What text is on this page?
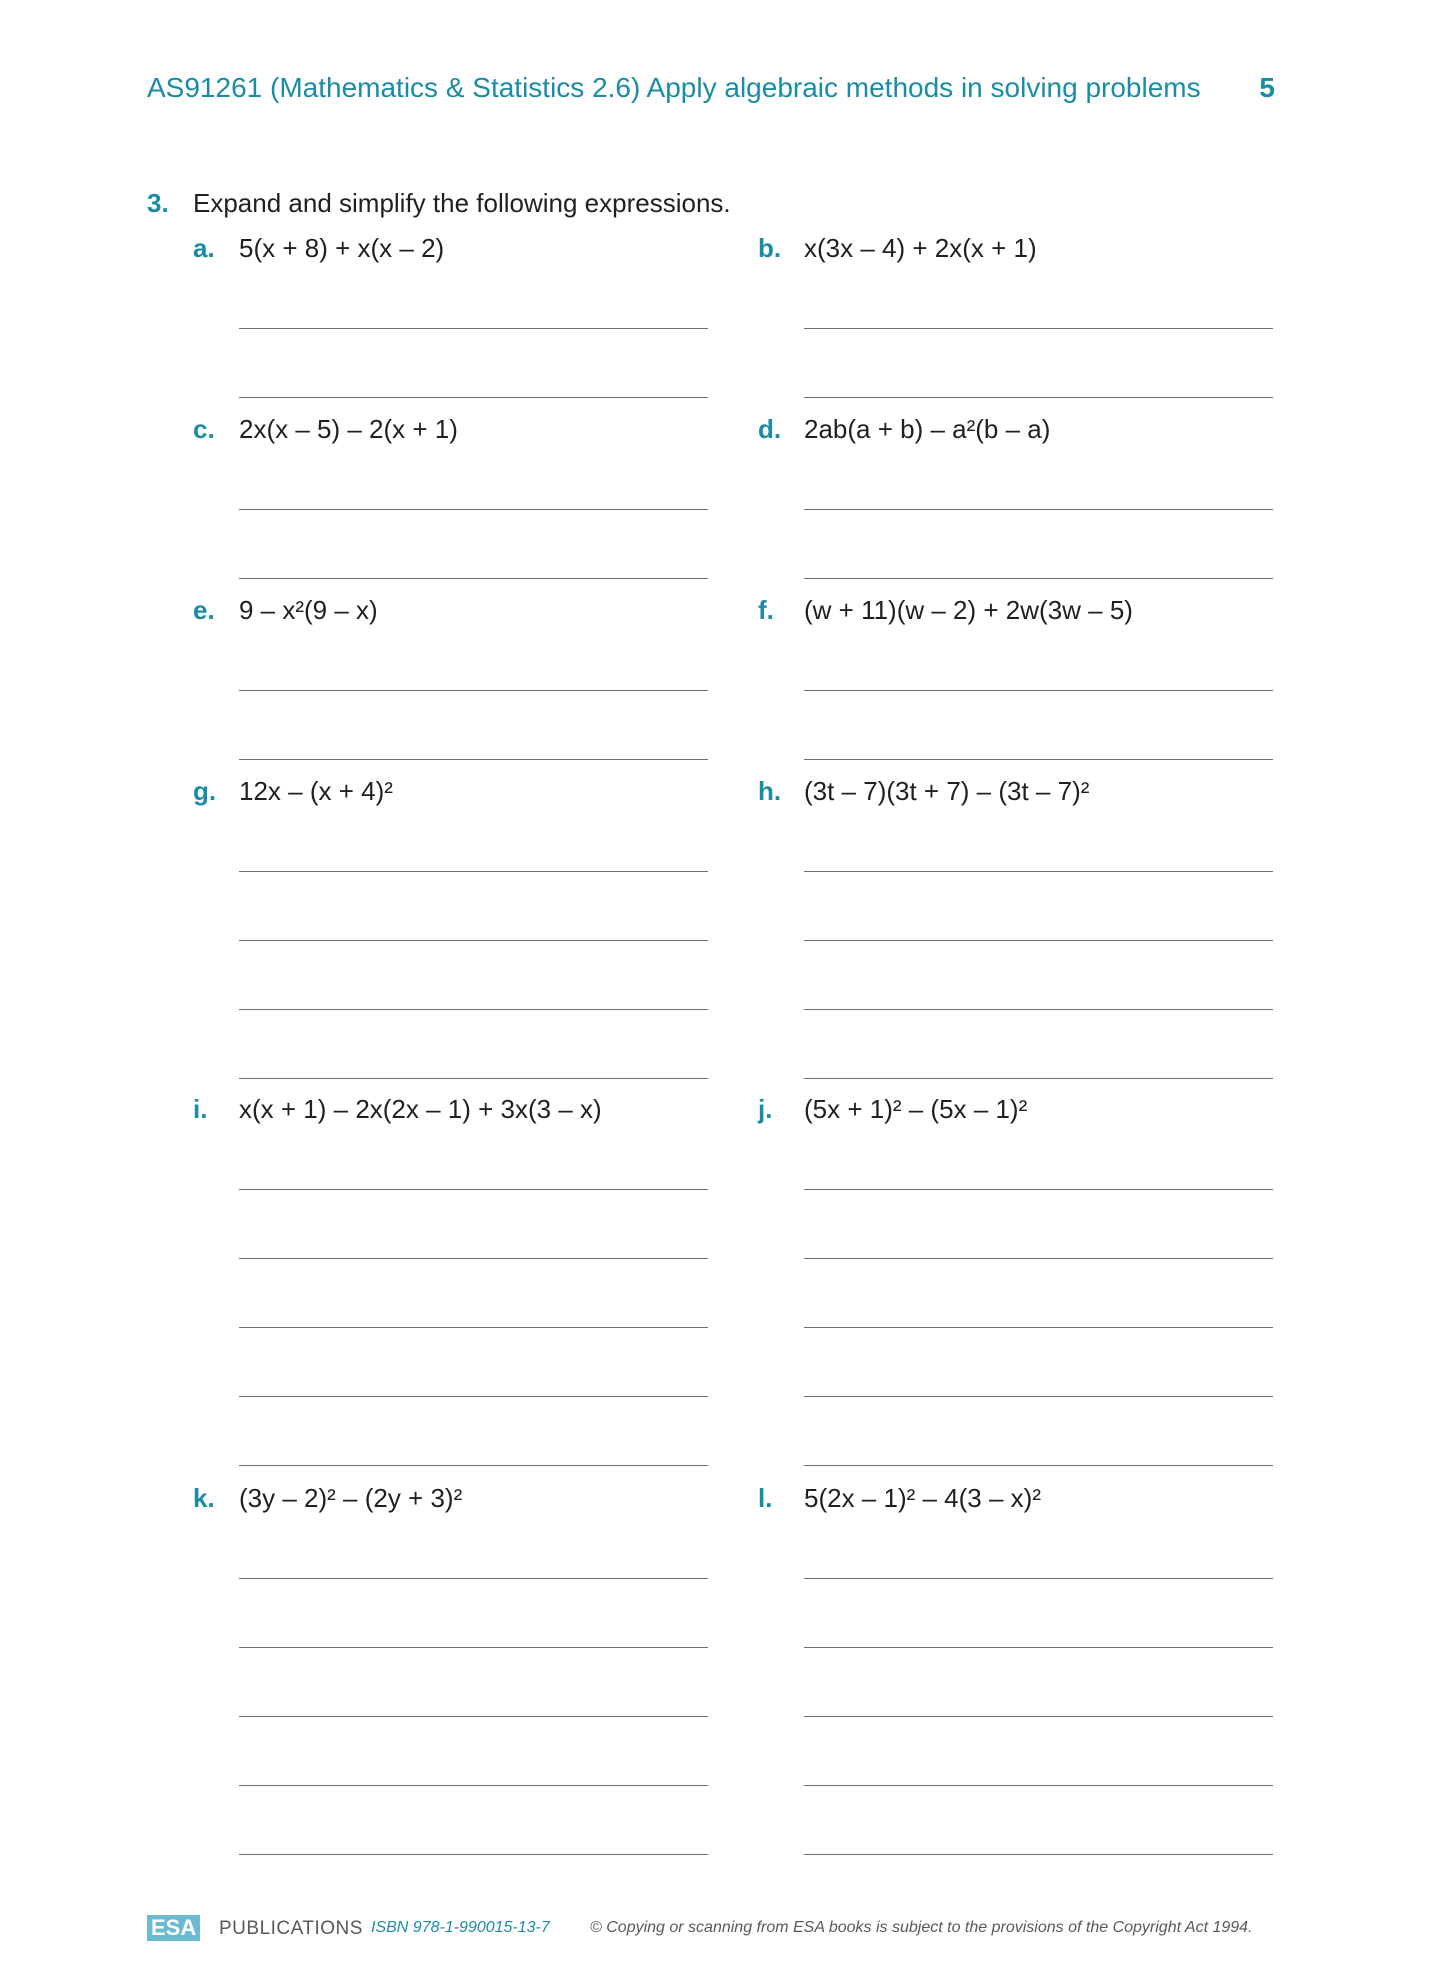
AS91261 (Mathematics & Statistics 2.6) Apply algebraic methods in solving problems 5
3. Expand and simplify the following expressions.
a. 5(x + 8) + x(x – 2)	b. x(3x – 4) + 2x(x + 1)
c. 2x(x – 5) – 2(x + 1)	d. 2ab(a + b) – a²(b – a)
e. 9 – x²(9 – x)	f. (w + 11)(w – 2) + 2w(3w – 5)
g. 12x – (x + 4)²	h. (3t – 7)(3t + 7) – (3t – 7)²
i. x(x + 1) – 2x(2x – 1) + 3x(3 – x)	j. (5x + 1)² – (5x – 1)²
k. (3y – 2)² – (2y + 3)²	l. 5(2x – 1)² – 4(3 – x)²
ESA PUBLICATIONS ISBN 978-1-990015-13-7	© Copying or scanning from ESA books is subject to the provisions of the Copyright Act 1994.
